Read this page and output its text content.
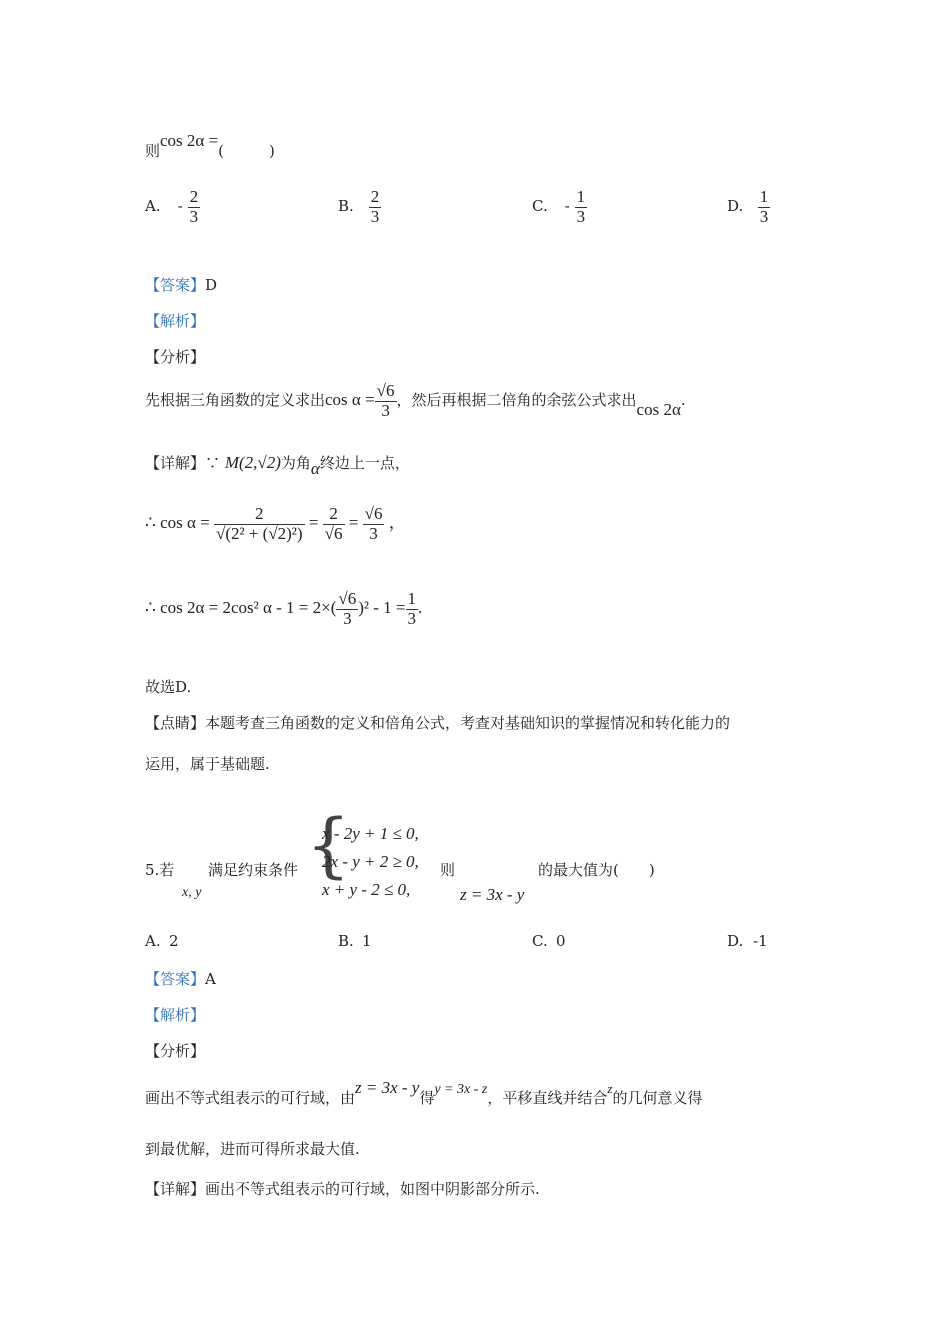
则cos 2α =(　　　)
A. - $\frac{2}{3}$	B. $\frac{2}{3}$	C. - $\frac{1}{3}$	D. $\frac{1}{3}$
【答案】D
【解析】
【分析】
先根据三角函数的定义求出$\cos \alpha = \frac{√6}{3}$ ，然后再根据二倍角的余弦公式求出cos 2α.
【详解】∵ M(2,√2)为角α终边上一点，
∴ $\cos \alpha = \frac{2}{\text{√(2² + (√2)²)}} = \frac{2}{√6} = \frac{√6}{3}$ ，
∴ cos 2α = 2cos² $\alpha - 1 = 2\times( \frac{√6}{3} )^2 - 1 = \frac{1}{3}$ .
故选D.
【点睛】本题考查三角函数的定义和倍角公式，考查对基础知识的掌握情况和转化能力的
运用，属于基础题.
5.若
x, y
满足约束条件 {
x - 2y + 1 ≤ 0,
2x - y + 2 ≥ 0,
x + y - 2 ≤ 0,
则
z = 3x - y
的最大值为(　　)
A. 2	B. 1	C. 0	D. -1
【答案】A
【解析】
【分析】
画出不等式组表示的可行域，由z = 3x - y得y = 3x - z，平移直线并结合z的几何意义得
到最优解，进而可得所求最大值.
【详解】画出不等式组表示的可行域，如图中阴影部分所示.
